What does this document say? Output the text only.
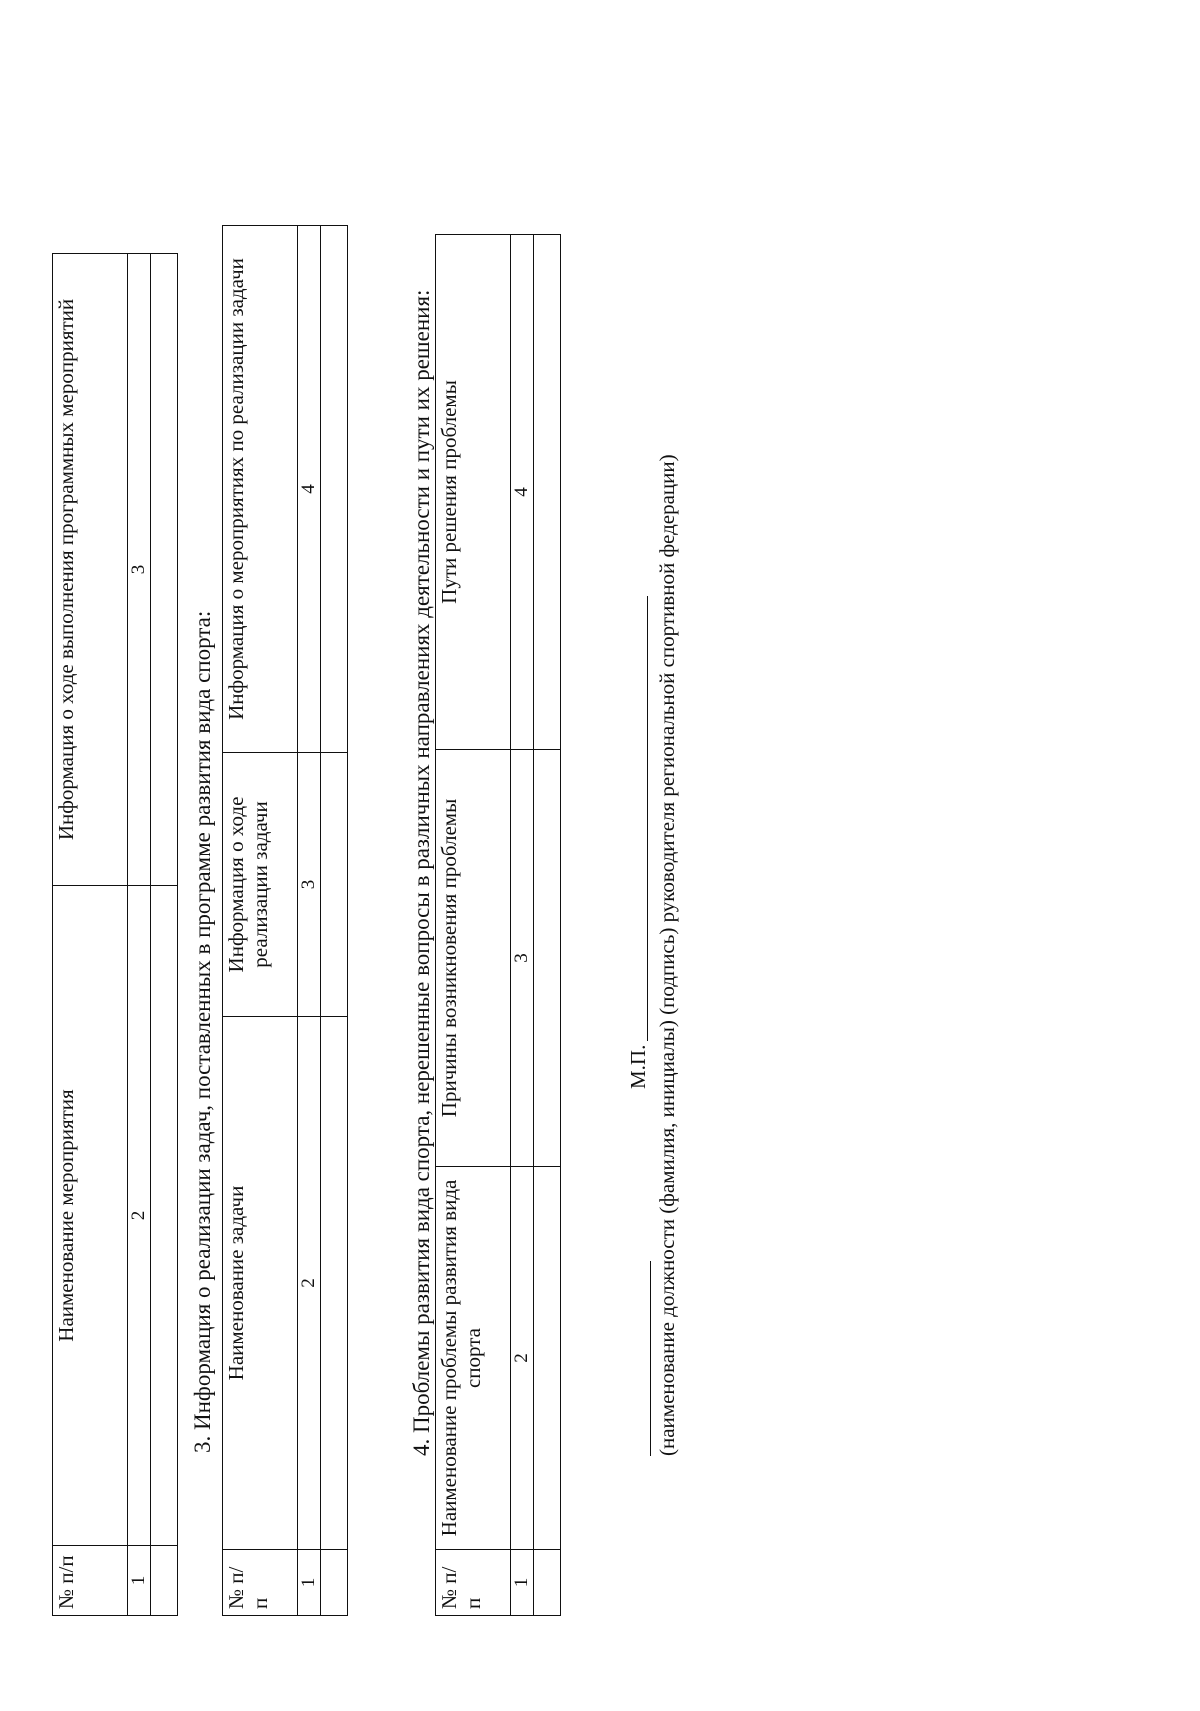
№ п/п	Наименование мероприятия	Информация о ходе выполнения программных мероприятий
1	2	3

3. Информация о реализации задач, поставленных в программе развития вида спорта:
№ п/п	Наименование задачи	Информация о ходе реализации задачи	Информация о мероприятиях по реализации задачи
1	2	3	4
				4. Проблемы развития вида спорта, нерешенные вопросы в различных направлениях деятельности и пути их решения:
№ п/п	Наименование проблемы развития вида спорта	Причины возникновения проблемы	Пути решения проблемы
1	2	3	4

М.П. (наименование должности (фамилия, инициалы) (подпись) руководителя региональной спортивной федерации)
